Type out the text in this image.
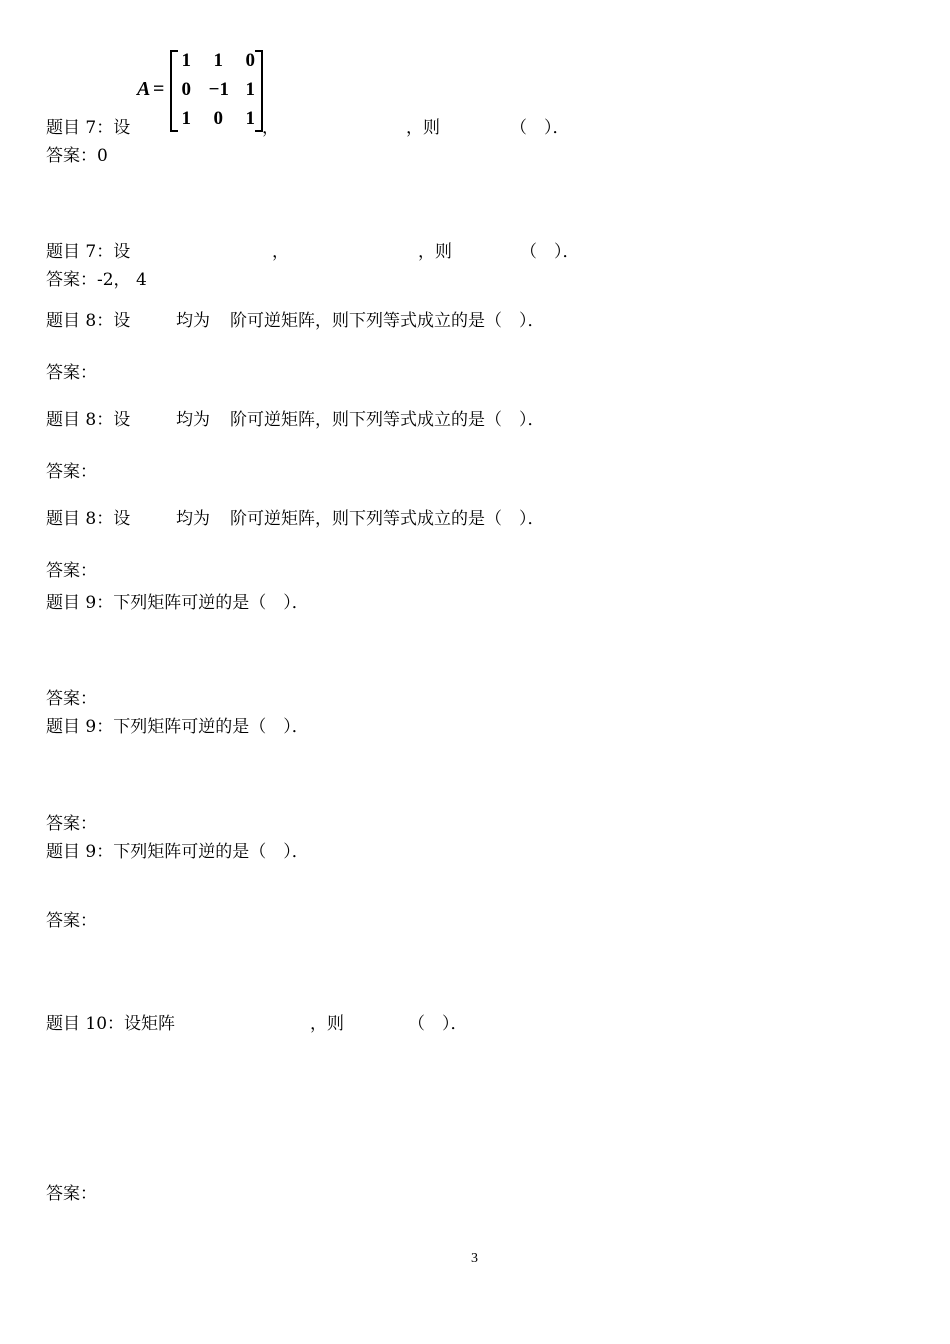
A =
1	1	0
0 −1 1
1	0	1
题目 7：设	，	，则	（　）．
答案：0
题目 7：设	，	，则	（　）．
答案：-2， 4
题目 8：设	均为 阶可逆矩阵，则下列等式成立的是（　）．
答案：
题目 8：设	均为 阶可逆矩阵，则下列等式成立的是（　）．
答案：
题目 8：设	均为 阶可逆矩阵，则下列等式成立的是（　）．
答案：
题目 9：下列矩阵可逆的是（　）．
答案：
题目 9：下列矩阵可逆的是（　）．
答案：
题目 9：下列矩阵可逆的是（　）．
答案：
题目 10：设矩阵	，则	（　）．
答案：
3
